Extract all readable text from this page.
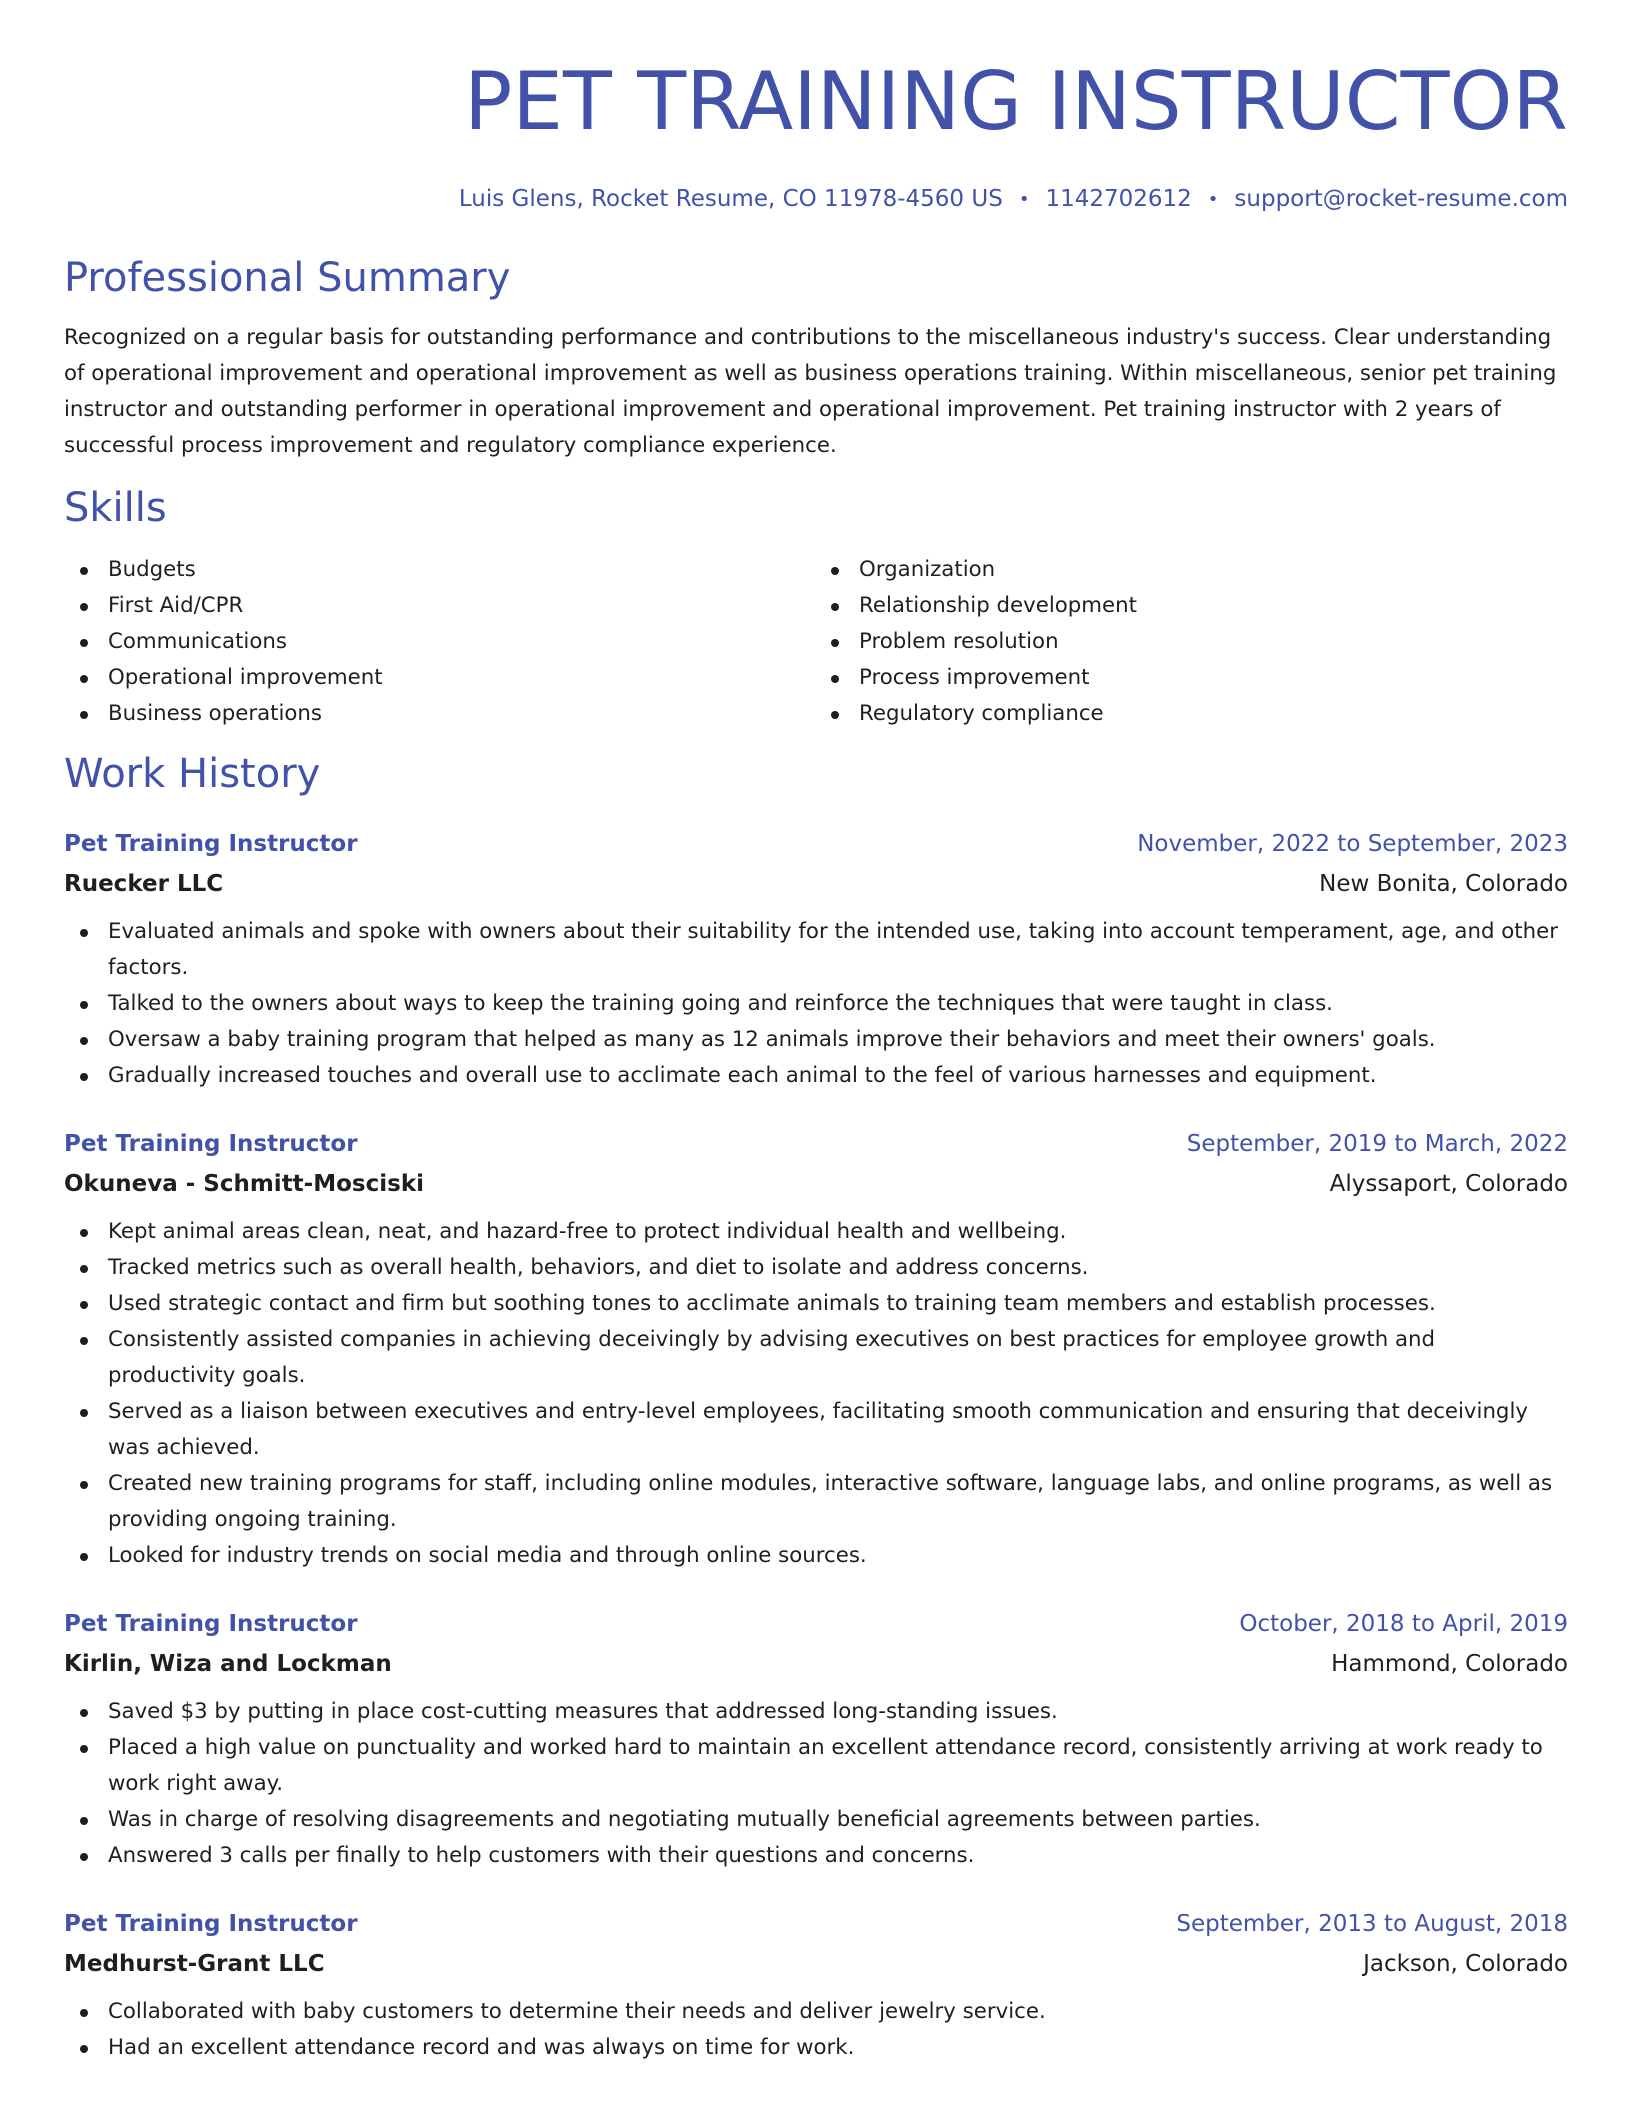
PET TRAINING INSTRUCTOR
Luis Glens, Rocket Resume, CO 11978-4560 US • 1142702612 • support@rocket-resume.com
Professional Summary

Recognized on a regular basis for outstanding performance and contributions to the miscellaneous industry's success. Clear understanding of operational improvement and operational improvement as well as business operations training. Within miscellaneous, senior pet training instructor and outstanding performer in operational improvement and operational improvement. Pet training instructor with 2 years of successful process improvement and regulatory compliance experience.

Skills
Budgets
First Aid/CPR
Communications
Operational improvement
Business operations
Organization
Relationship development
Problem resolution
Process improvement
Regulatory compliance
Work History
Pet Training Instructor	November, 2022 to September, 2023
Ruecker LLC	New Bonita, Colorado
Evaluated animals and spoke with owners about their suitability for the intended use, taking into account temperament, age, and other factors.
Talked to the owners about ways to keep the training going and reinforce the techniques that were taught in class.
Oversaw a baby training program that helped as many as 12 animals improve their behaviors and meet their owners' goals.
Gradually increased touches and overall use to acclimate each animal to the feel of various harnesses and equipment.
Pet Training Instructor	September, 2019 to March, 2022
Okuneva - Schmitt-Mosciski	Alyssaport, Colorado
Kept animal areas clean, neat, and hazard-free to protect individual health and wellbeing.
Tracked metrics such as overall health, behaviors, and diet to isolate and address concerns.
Used strategic contact and firm but soothing tones to acclimate animals to training team members and establish processes.
Consistently assisted companies in achieving deceivingly by advising executives on best practices for employee growth and productivity goals.
Served as a liaison between executives and entry-level employees, facilitating smooth communication and ensuring that deceivingly was achieved.
Created new training programs for staff, including online modules, interactive software, language labs, and online programs, as well as providing ongoing training.
Looked for industry trends on social media and through online sources.
Pet Training Instructor	October, 2018 to April, 2019
Kirlin, Wiza and Lockman	Hammond, Colorado
Saved $3 by putting in place cost-cutting measures that addressed long-standing issues.
Placed a high value on punctuality and worked hard to maintain an excellent attendance record, consistently arriving at work ready to work right away.
Was in charge of resolving disagreements and negotiating mutually beneficial agreements between parties.
Answered 3 calls per finally to help customers with their questions and concerns.
Pet Training Instructor	September, 2013 to August, 2018
Medhurst-Grant LLC	Jackson, Colorado
Collaborated with baby customers to determine their needs and deliver jewelry service.
Had an excellent attendance record and was always on time for work.
